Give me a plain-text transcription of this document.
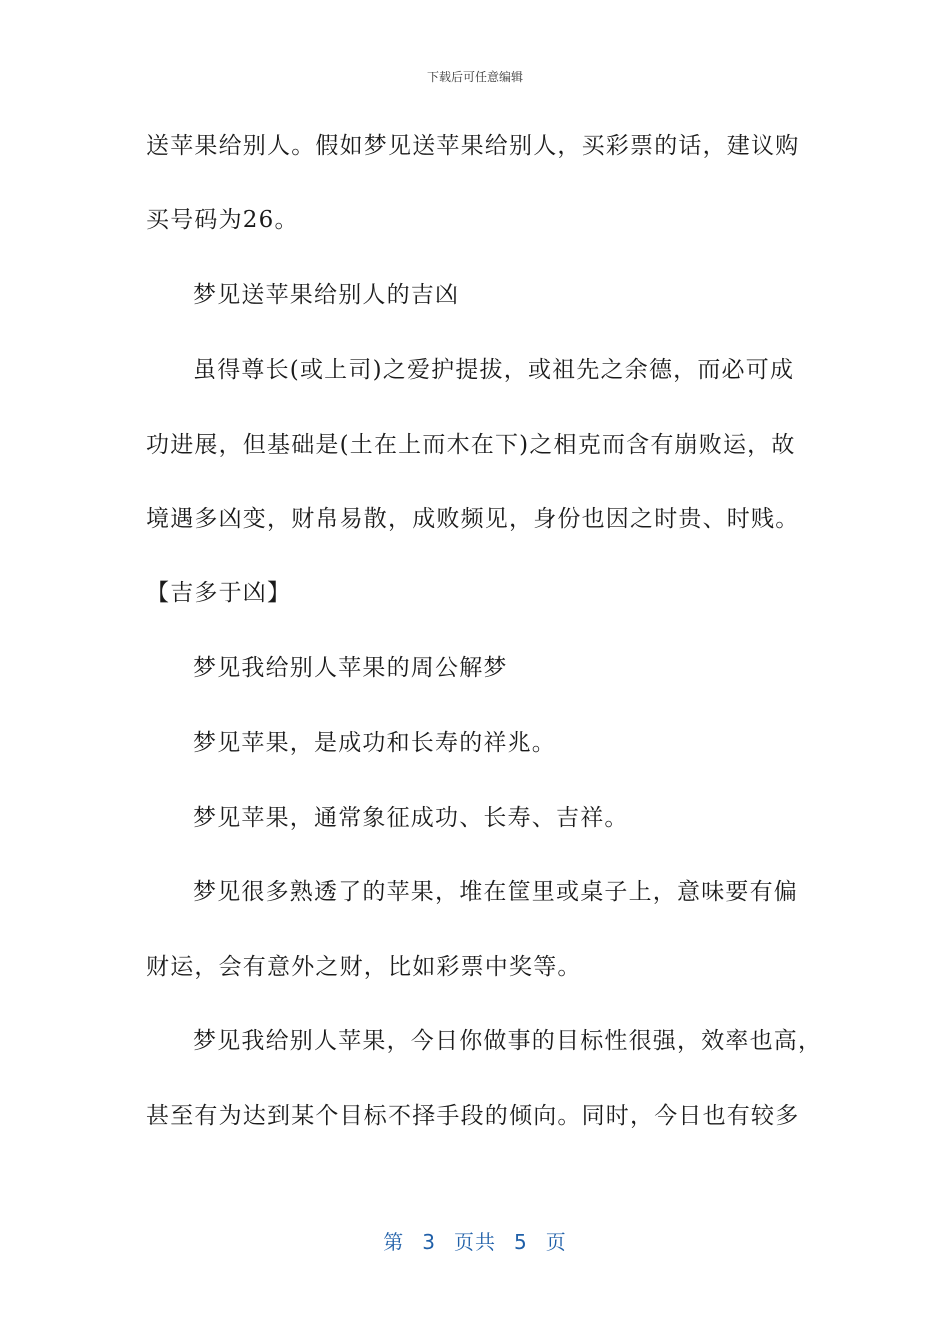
下载后可任意编辑
送苹果给别人。假如梦见送苹果给别人，买彩票的话，建议购
买号码为26。
梦见送苹果给别人的吉凶
虽得尊长(或上司)之爱护提拔，或祖先之余德，而必可成
功进展，但基础是(土在上而木在下)之相克而含有崩败运，故
境遇多凶变，财帛易散，成败频见，身份也因之时贵、时贱。
【吉多于凶】
梦见我给别人苹果的周公解梦
梦见苹果，是成功和长寿的祥兆。
梦见苹果，通常象征成功、长寿、吉祥。
梦见很多熟透了的苹果，堆在筐里或桌子上，意味要有偏
财运，会有意外之财，比如彩票中奖等。
梦见我给别人苹果，今日你做事的目标性很强，效率也高，
甚至有为达到某个目标不择手段的倾向。同时，今日也有较多
第 3 页共 5 页
